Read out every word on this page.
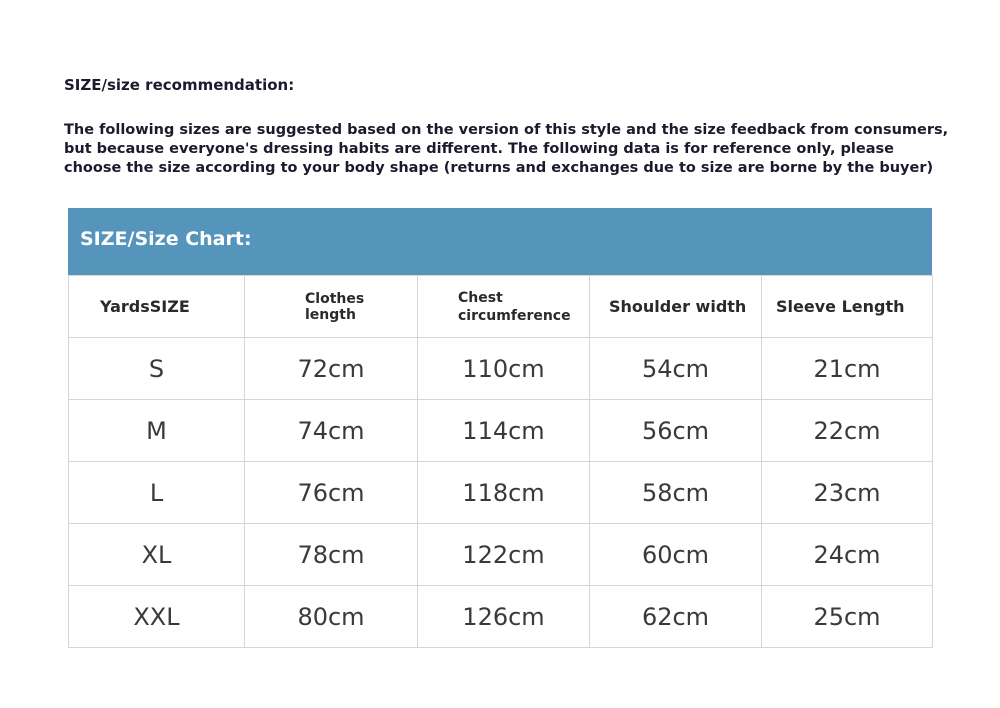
SIZE/size recommendation:

The following sizes are suggested based on the version of this style and the size feedback from consumers,

but because everyone's dressing habits are different. The following data is for reference only, please

choose the size according to your body shape (returns and exchanges due to size are borne by the buyer)

SIZE/Size Chart:
YardsSIZE	Clothes length	Chest circumference	Shoulder width	Sleeve Length
S	72cm	110cm	54cm	21cm
M	74cm	114cm	56cm	22cm
L	76cm	118cm	58cm	23cm
XL	78cm	122cm	60cm	24cm
XXL	80cm	126cm	62cm	25cm
